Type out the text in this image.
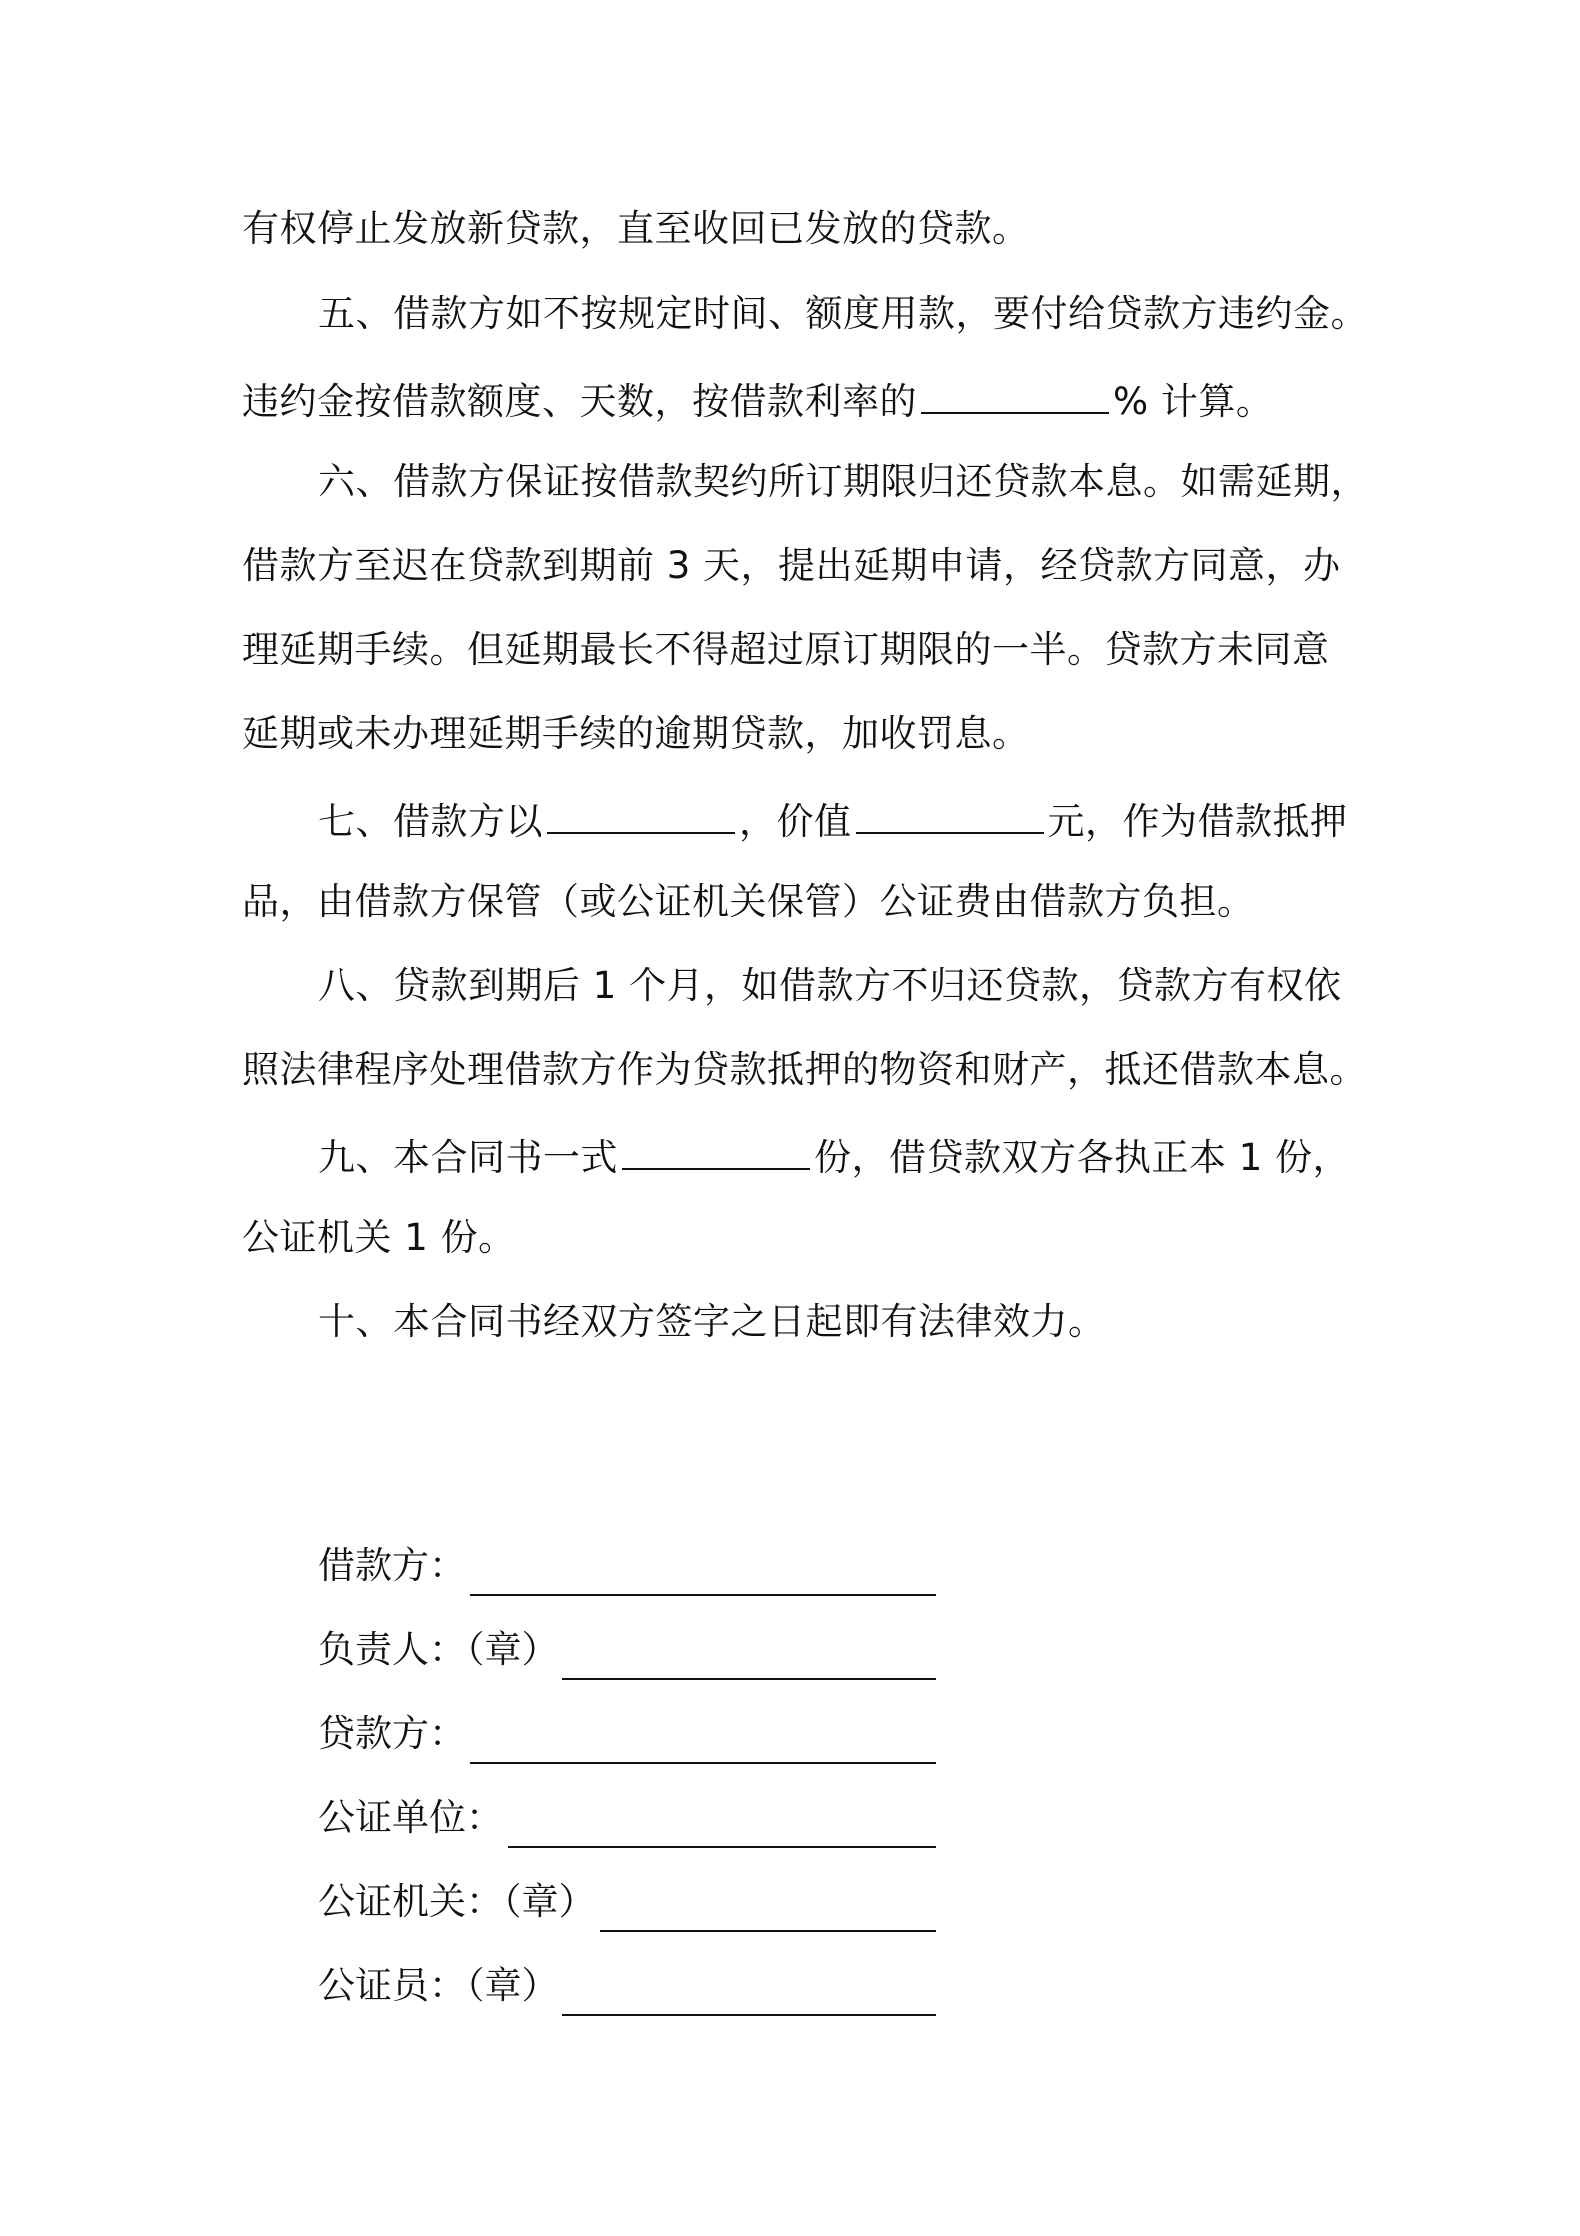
有权停止发放新贷款，直至收回已发放的贷款。
五、借款方如不按规定时间、额度用款，要付给贷款方违约金。
违约金按借款额度、天数，按借款利率的	% 计算。
六、借款方保证按借款契约所订期限归还贷款本息。如需延期，
借款方至迟在贷款到期前 3 天，提出延期申请，经贷款方同意，办
理延期手续。但延期最长不得超过原订期限的一半。贷款方未同意
延期或未办理延期手续的逾期贷款，加收罚息。
七、借款方以	，价值	元，作为借款抵押
品，由借款方保管（或公证机关保管）公证费由借款方负担。
八、贷款到期后 1 个月，如借款方不归还贷款，贷款方有权依
照法律程序处理借款方作为贷款抵押的物资和财产，抵还借款本息。
九、本合同书一式	份，借贷款双方各执正本 1 份，
公证机关 1 份。
十、本合同书经双方签字之日起即有法律效力。
借款方：
负责人：（章）
贷款方：
公证单位：
公证机关：（章）
公证员：（章）
